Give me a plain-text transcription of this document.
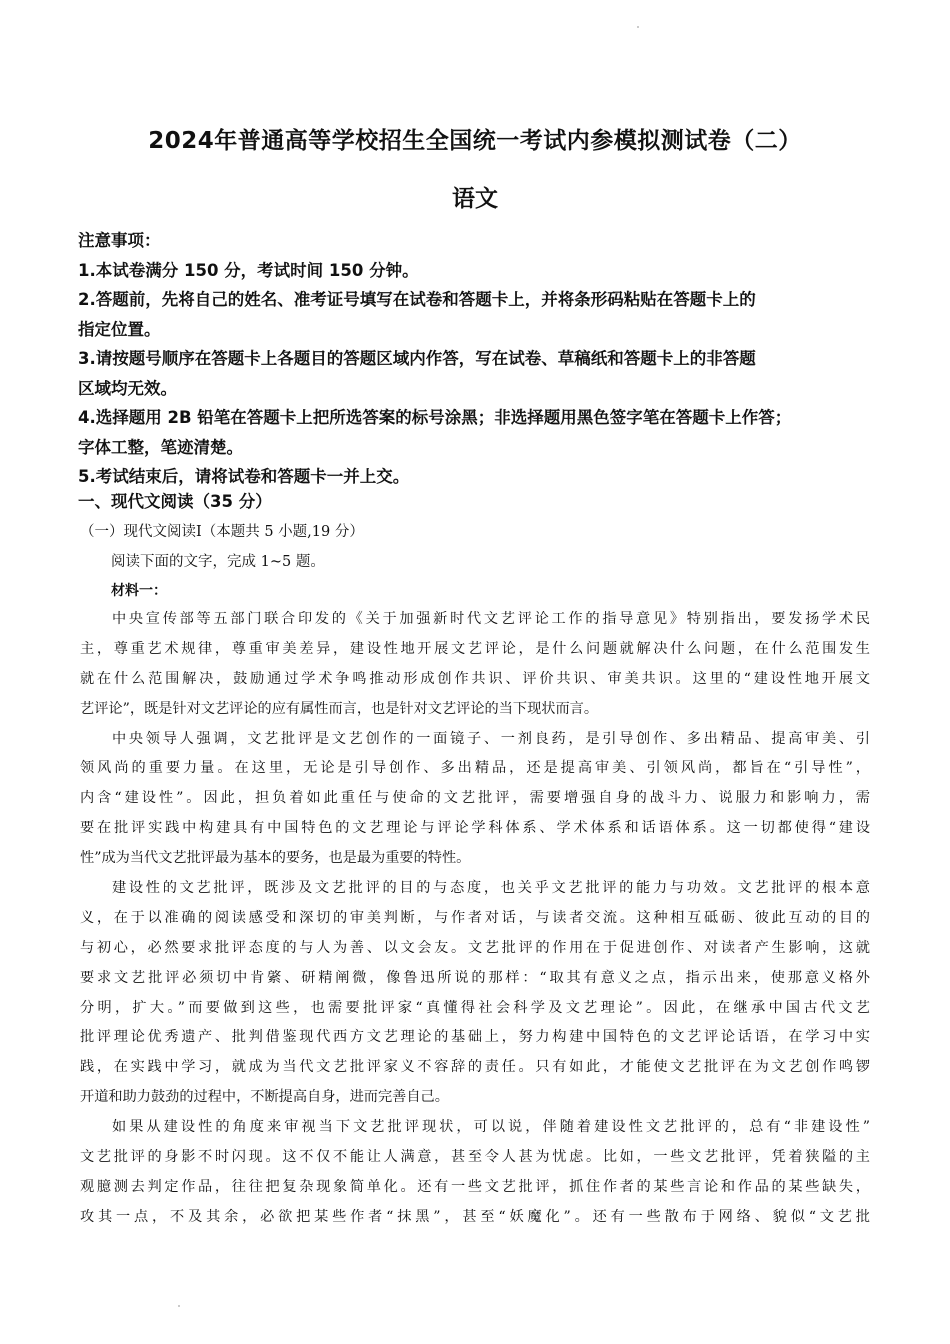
2024年普通高等学校招生全国统一考试内参模拟测试卷（二）
语文
注意事项：
1.本试卷满分 150 分，考试时间 150 分钟。
2.答题前，先将自己的姓名、准考证号填写在试卷和答题卡上，并将条形码粘贴在答题卡上的
指定位置。
3.请按题号顺序在答题卡上各题目的答题区域内作答，写在试卷、草稿纸和答题卡上的非答题
区域均无效。
4.选择题用 2B 铅笔在答题卡上把所选答案的标号涂黑；非选择题用黑色签字笔在答题卡上作答；
字体工整，笔迹清楚。
5.考试结束后，请将试卷和答题卡一并上交。
一、现代文阅读（35 分）
（一）现代文阅读Ⅰ（本题共 5 小题,19 分）
阅读下面的文字，完成 1~5 题。
材料一：
中央宣传部等五部门联合印发的《关于加强新时代文艺评论工作的指导意见》特别指出，要发扬学术民
主，尊重艺术规律，尊重审美差异，建设性地开展文艺评论，是什么问题就解决什么问题，在什么范围发生
就在什么范围解决，鼓励通过学术争鸣推动形成创作共识、评价共识、审美共识。这里的“建设性地开展文
艺评论”，既是针对文艺评论的应有属性而言，也是针对文艺评论的当下现状而言。
中央领导人强调，文艺批评是文艺创作的一面镜子、一剂良药，是引导创作、多出精品、提高审美、引
领风尚的重要力量。在这里，无论是引导创作、多出精品，还是提高审美、引领风尚，都旨在“引导性”，
内含“建设性”。因此，担负着如此重任与使命的文艺批评，需要增强自身的战斗力、说服力和影响力，需
要在批评实践中构建具有中国特色的文艺理论与评论学科体系、学术体系和话语体系。这一切都使得“建设
性”成为当代文艺批评最为基本的要务，也是最为重要的特性。
建设性的文艺批评，既涉及文艺批评的目的与态度，也关乎文艺批评的能力与功效。文艺批评的根本意
义，在于以准确的阅读感受和深切的审美判断，与作者对话，与读者交流。这种相互砥砺、彼此互动的目的
与初心，必然要求批评态度的与人为善、以文会友。文艺批评的作用在于促进创作、对读者产生影响，这就
要求文艺批评必须切中肯綮、研精阐微，像鲁迅所说的那样：“取其有意义之点，指示出来，使那意义格外
分明，扩大。”而要做到这些，也需要批评家“真懂得社会科学及文艺理论”。因此，在继承中国古代文艺
批评理论优秀遗产、批判借鉴现代西方文艺理论的基础上，努力构建中国特色的文艺评论话语，在学习中实
践，在实践中学习，就成为当代文艺批评家义不容辞的责任。只有如此，才能使文艺批评在为文艺创作鸣锣
开道和助力鼓劲的过程中，不断提高自身，进而完善自己。
如果从建设性的角度来审视当下文艺批评现状，可以说，伴随着建设性文艺批评的，总有“非建设性”
文艺批评的身影不时闪现。这不仅不能让人满意，甚至令人甚为忧虑。比如，一些文艺批评，凭着狭隘的主
观臆测去判定作品，往往把复杂现象简单化。还有一些文艺批评，抓住作者的某些言论和作品的某些缺失，
攻其一点，不及其余，必欲把某些作者“抹黑”，甚至“妖魔化”。还有一些散布于网络、貌似“文艺批
